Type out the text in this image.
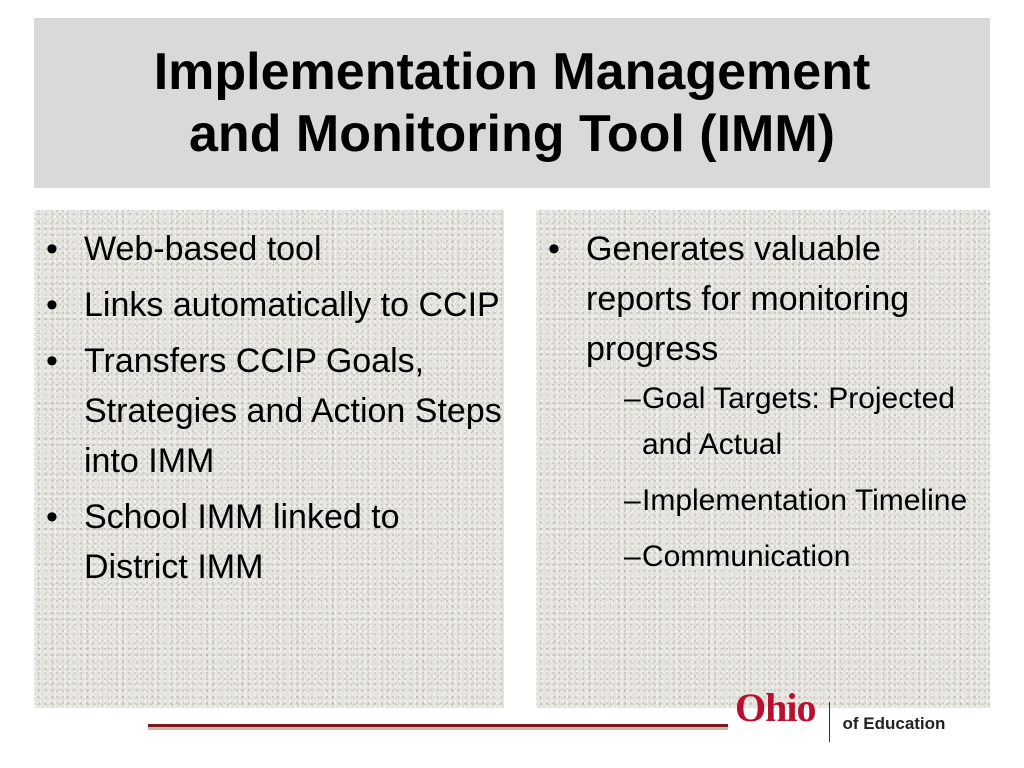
Implementation Management
and Monitoring Tool (IMM)
• Web-based tool
• Links automatically to CCIP
• Transfers CCIP Goals, Strategies and Action Steps into IMM
• School IMM linked to District IMM
• Generates valuable reports for monitoring progress
– Goal Targets: Projected and Actual
– Implementation Timeline
– Communication
Ohio of Education
